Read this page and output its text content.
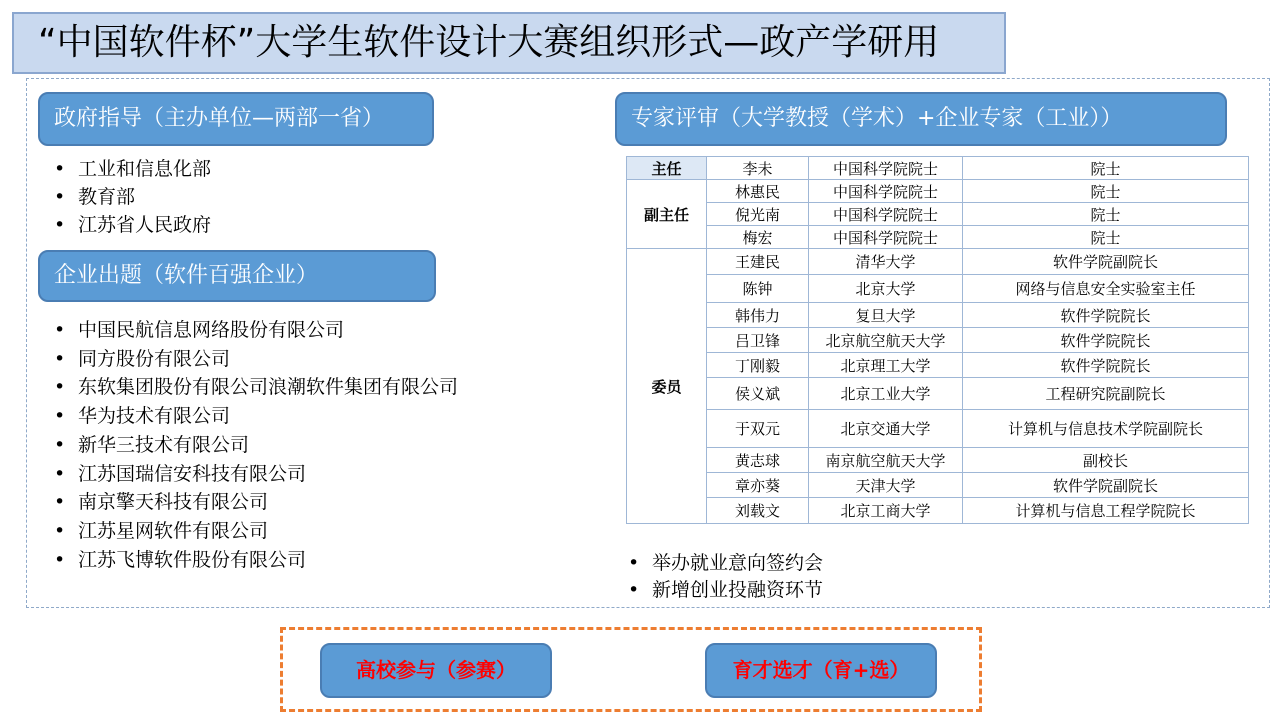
“中国软件杯”大学生软件设计大赛组织形式—政产学研用
政府指导（主办单位—两部一省）
• 工业和信息化部
• 教育部
• 江苏省人民政府
企业出题（软件百强企业）
• 中国民航信息网络股份有限公司
• 同方股份有限公司
• 东软集团股份有限公司浪潮软件集团有限公司
• 华为技术有限公司
• 新华三技术有限公司
• 江苏国瑞信安科技有限公司
• 南京擎天科技有限公司
• 江苏星网软件有限公司
• 江苏飞博软件股份有限公司
专家评审（大学教授（学术）+企业专家（工业））
主任	李未	中国科学院院士	院士
副主任	林惠民	中国科学院院士	院士
	倪光南	中国科学院院士	院士
	梅宏	中国科学院院士	院士
委员	王建民	清华大学	软件学院副院长
	陈钟	北京大学	网络与信息安全实验室主任
	韩伟力	复旦大学	软件学院院长
	吕卫锋	北京航空航天大学	软件学院院长
	丁刚毅	北京理工大学	软件学院院长
	侯义斌	北京工业大学	工程研究院副院长
	于双元	北京交通大学	计算机与信息技术学院副院长
	黄志球	南京航空航天大学	副校长
	章亦葵	天津大学	软件学院副院长
	刘载文	北京工商大学	计算机与信息工程学院院长
• 举办就业意向签约会
• 新增创业投融资环节
高校参与（参赛）	育才选才（育+选）
